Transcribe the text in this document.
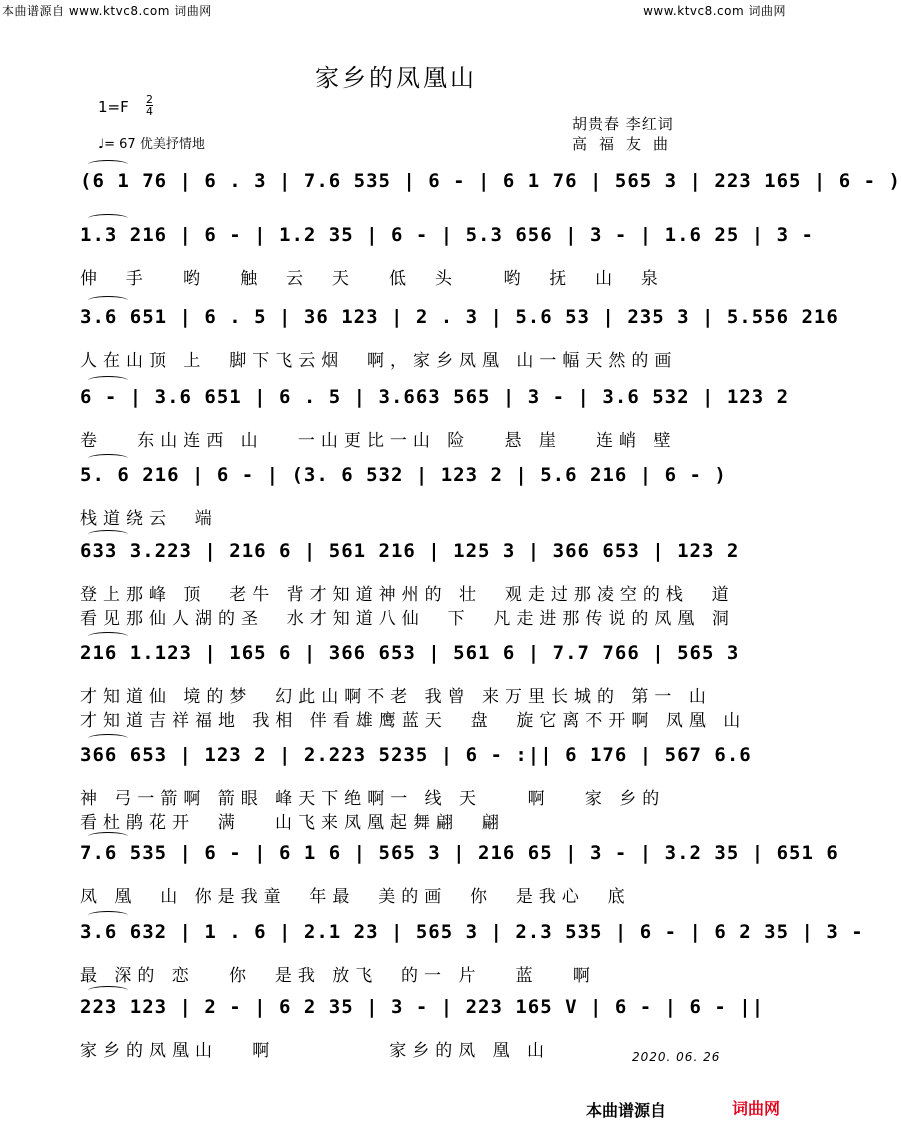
本曲谱源自 www.ktvc8.com 词曲网	www.ktvc8.com 词曲网
家乡的凤凰山
1=F 2
4
♩= 67 优美抒情地
胡贵春 李红词
高福友曲
(6 1 76 | 6 . 3 | 7.6 535 | 6 - | 6 1 76 | 565 3 | 223 165 | 6 - )
1.3 216 | 6 - | 1.2 35 | 6 - | 5.3 656 | 3 - | 1.6 25 | 3 -
伸  手   哟   触  云  天   低  头    哟  抚  山  泉
3.6 651 | 6 . 5 | 36 123 | 2 . 3 | 5.6 53 | 235 3 | 5.556 216
人在山顶 上  脚下飞云烟  啊，家乡凤凰 山一幅天然的画
6 - | 3.6 651 | 6 . 5 | 3.663 565 | 3 - | 3.6 532 | 123 2
卷   东山连西 山   一山更比一山 险   悬 崖   连峭 壁
5. 6 216 | 6 - | (3. 6 532 | 123 2 | 5.6 216 | 6 - )
栈道绕云  端
633 3.223 | 216 6 | 561 216 | 125 3 | 366 653 | 123 2
登上那峰 顶  老牛 背才知道神州的 壮  观走过那凌空的栈  道
看见那仙人湖的圣  水才知道八仙  下  凡走进那传说的凤凰 洞
216 1.123 | 165 6 | 366 653 | 561 6 | 7.7 766 | 565 3
才知道仙 境的梦  幻此山啊不老 我曾 来万里长城的 第一 山
才知道吉祥福地 我相 伴看雄鹰蓝天  盘  旋它离不开啊 凤凰 山
366 653 | 123 2 | 2.223 5235 | 6 - :|| 6 176 | 567 6.6
神 弓一箭啊 箭眼 峰天下绝啊一 线 天    啊   家 乡的
看杜鹃花开  满   山飞来凤凰起舞翩  翩
7.6 535 | 6 - | 6 1 6 | 565 3 | 216 65 | 3 - | 3.2 35 | 651 6
凤 凰  山 你是我童  年最  美的画  你  是我心  底
3.6 632 | 1 . 6 | 2.1 23 | 565 3 | 2.3 535 | 6 - | 6 2 35 | 3 -
最 深的 恋   你  是我 放飞  的一 片   蓝   啊
223 123 | 2 - | 6 2 35 | 3 - | 223 165 V | 6 - | 6 - ||
家乡的凤凰山   啊          家乡的凤 凰 山	2020. 06. 26
本曲谱源自	词曲网
